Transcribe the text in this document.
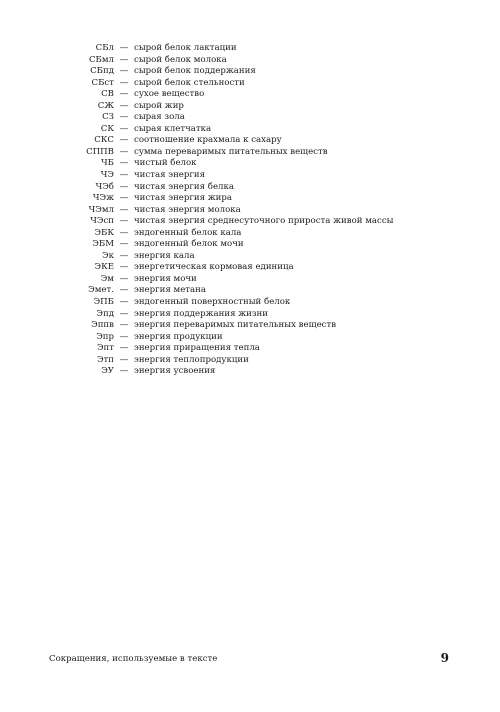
СБл — сырой белок лактации
СБмл — сырой белок молока
СБпд — сырой белок поддержания
СБст — сырой белок стельности
СВ — сухое вещество
СЖ — сырой жир
СЗ — сырая зола
СК — сырая клетчатка
СКС — соотношение крахмала к сахару
СППВ — сумма переваримых питательных веществ
ЧБ — чистый белок
ЧЭ — чистая энергия
ЧЭб — чистая энергия белка
ЧЭж — чистая энергия жира
ЧЭмл — чистая энергия молока
ЧЭсп — чистая энергия среднесуточного прироста живой массы
ЭБК — эндогенный белок кала
ЭБМ — эндогенный белок мочи
Эк — энергия кала
ЭКЕ — энергетическая кормовая единица
Эм — энергия мочи
Эмет. — энергия метана
ЭПБ — эндогенный поверхностный белок
Эпд — энергия поддержания жизни
Эппв — энергия переваримых питательных веществ
Эпр — энергия продукции
Эпт — энергия приращения тепла
Этп — энергия теплопродукции
ЭУ — энергия усвоения
Сокращения, используемые в тексте	9
